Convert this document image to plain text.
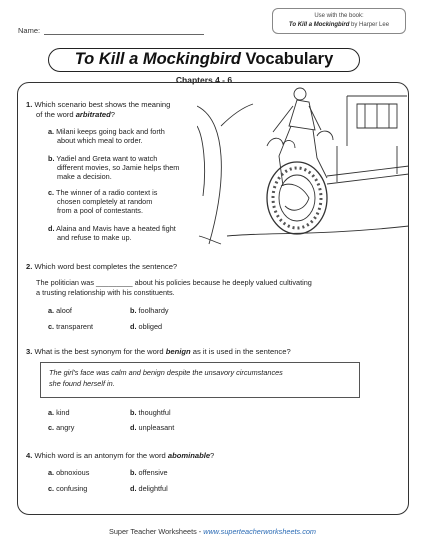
Name:
Use with the book:
To Kill a Mockingbird by Harper Lee
To Kill a Mockingbird Vocabulary
Chapters 4 - 6
1. Which scenario best shows the meaning
of the word arbitrated?
a. Milani keeps going back and forth
about which meal to order.
b. Yadiel and Greta want to watch
different movies, so Jamie helps them
make a decision.
c. The winner of a radio context is
chosen completely at random
from a pool of contestants.
d. Alaina and Mavis have a heated fight
and refuse to make up.
2. Which word best completes the sentence?
The politician was _________ about his policies because he deeply valued cultivating
a trusting relationship with his constituents.
a. aloof	b. foolhardy
c. transparent	d. obliged
3. What is the best synonym for the word benign as it is used in the sentence?
The girl's face was calm and benign despite the unsavory circumstances
she found herself in.
a. kind	b. thoughtful
c. angry	d. unpleasant
4. Which word is an antonym for the word abominable?
a. obnoxious	b. offensive
c. confusing	d. delightful
Super Teacher Worksheets - www.superteacherworksheets.com
